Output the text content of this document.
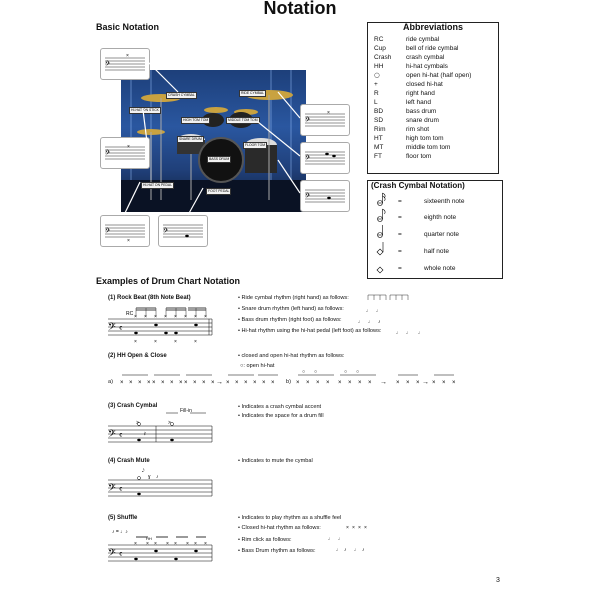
Notation
Basic Notation
CRASH CYMBAL	RIDE CYMBAL
HI-HAT ON STICK
HIGH TOM TOM	MIDDLE TOM TOM
SNARE DRUM
FLOOR TOM
BASS DRUM
HI-HAT ON PEDAL
FOOT PEDAL
𝄢
×
𝄢
×
𝄢
×
𝄢
𝄢
×
𝄢
𝄢
Abbreviations
RC	ride cymbal
Cup	bell of ride cymbal
Crash crash cymbal
HH	hi-hat cymbals
○	open hi-hat (half open)
+	closed hi-hat
R	right hand
L	left hand
BD	bass drum
SD	snare drum
Rim	rim shot
HT	high tom tom
MT	middle tom tom
FT	floor tom
(Crash Cymbal Notation)
=	sixteenth note
=	eighth note
=	quarter note
=	half note
=	whole note
Examples of Drum Chart Notation
(1) Rock Beat (8th Note Beat)
RC
𝄢 𝄴
× × × × × × × ×
×	×	×	×
• Ride cymbal rhythm (right hand) as follows:
• Snare drum rhythm (left hand) as follows:
• Bass drum rhythm (right foot) as follows:
• Hi-hat rhythm using the hi-hat pedal (left foot) as follows:
♩ ♩
♩ ♩ ♪
♩ ♩ ♩
(2) HH Open & Close	• closed and open hi-hat rhythm as follows:
○: open hi-hat
a)	b)
× × × × × × × × × × × × → × × × × × ×
○ ○	○ ○
× × × × × × × × → × × × → × × ×
(3) Crash Cymbal
Fill-in
𝄢 𝄴
>	>
𝄽
• Indicates a crash cymbal accent
• Indicates the space for a drum fill
(4) Crash Mute
𝄢 𝄴
𝅘𝅥𝅮
ɣ ♪
• Indicates to mute the cymbal
(5) Shuffle
♪ = ♩♪
HH
𝄢 𝄴
× × × × × × × ×
• Indicates to play rhythm as a shuffle feel
• Closed hi-hat rhythm as follows:
• Rim click as follows:
• Bass Drum rhythm as follows:
× × × ×
♩ ♩
♩ ♪ ♩ ♪
3
